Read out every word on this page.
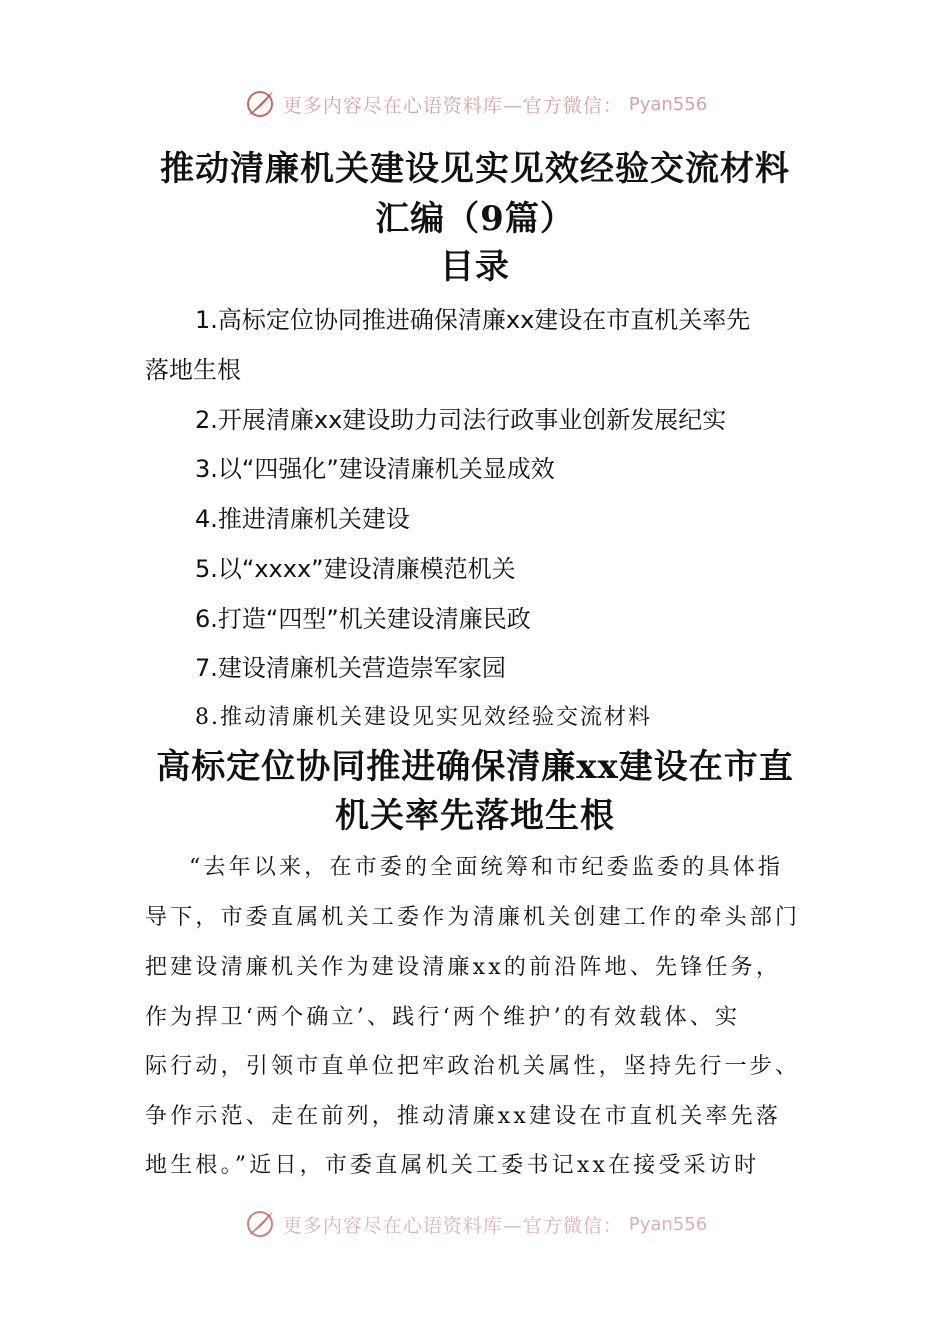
更多内容尽在心语资料库—官方微信： Pyan556
推动清廉机关建设见实见效经验交流材料
汇编（9篇）
目录
1.高标定位协同推进确保清廉xx建设在市直机关率先
落地生根
2.开展清廉xx建设助力司法行政事业创新发展纪实
3.以“四强化”建设清廉机关显成效
4.推进清廉机关建设
5.以“xxxx”建设清廉模范机关
6.打造“四型”机关建设清廉民政
7.建设清廉机关营造崇军家园
8.推动清廉机关建设见实见效经验交流材料
高标定位协同推进确保清廉xx建设在市直
机关率先落地生根
“去年以来，在市委的全面统筹和市纪委监委的具体指
导下，市委直属机关工委作为清廉机关创建工作的牵头部门
把建设清廉机关作为建设清廉xx的前沿阵地、先锋任务，
作为捍卫‘两个确立’、践行‘两个维护’的有效载体、实
际行动，引领市直单位把牢政治机关属性，坚持先行一步、
争作示范、走在前列，推动清廉xx建设在市直机关率先落
地生根。”近日，市委直属机关工委书记xx在接受采访时
更多内容尽在心语资料库—官方微信： Pyan556
